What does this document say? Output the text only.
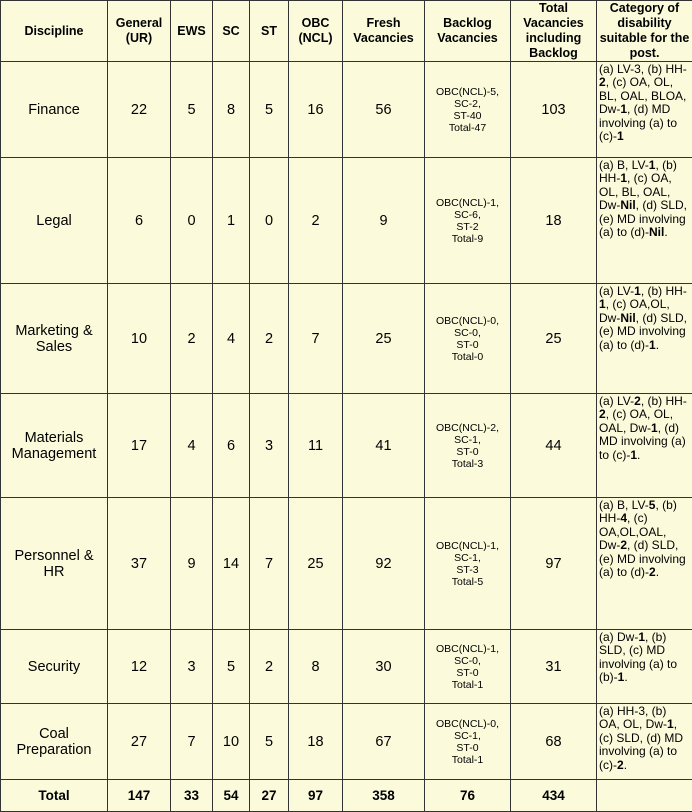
Discipline	General (UR)	EWS	SC	ST	OBC (NCL)	Fresh Vacancies	Backlog Vacancies	Total Vacancies including Backlog	Category of disability suitable for the post.
Finance	22	5	8	5	16	56	OBC(NCL)-5,
SC-2,
ST-40
Total-47	103	(a) LV-3, (b) HH-2, (c) OA, OL, BL, OAL, BLOA, Dw-1, (d) MD involving (a) to (c)-1
Legal	6	0	1	0	2	9	OBC(NCL)-1,
SC-6,
ST-2
Total-9	18	(a) B, LV-1, (b) HH-1, (c) OA, OL, BL, OAL, Dw-Nil, (d) SLD, (e) MD involving (a) to (d)-Nil.
Marketing & Sales	10	2	4	2	7	25	OBC(NCL)-0,
SC-0,
ST-0
Total-0	25	(a) LV-1, (b) HH-1, (c) OA,OL, Dw-Nil, (d) SLD, (e) MD involving (a) to (d)-1.
Materials Management	17	4	6	3	11	41	OBC(NCL)-2,
SC-1,
ST-0
Total-3	44	(a) LV-2, (b) HH-2, (c) OA, OL, OAL, Dw-1, (d) MD involving (a) to (c)-1.
Personnel & HR	37	9	14	7	25	92	OBC(NCL)-1,
SC-1,
ST-3
Total-5	97	(a) B, LV-5, (b) HH-4, (c) OA,OL,OAL, Dw-2, (d) SLD, (e) MD involving (a) to (d)-2.
Security	12	3	5	2	8	30	OBC(NCL)-1,
SC-0,
ST-0
Total-1	31	(a) Dw-1, (b) SLD, (c) MD involving (a) to (b)-1.
Coal Preparation	27	7	10	5	18	67	OBC(NCL)-0,
SC-1,
ST-0
Total-1	68	(a) HH-3, (b) OA, OL, Dw-1, (c) SLD, (d) MD involving (a) to (c)-2.
Total	147	33	54	27	97	358	76	434	
